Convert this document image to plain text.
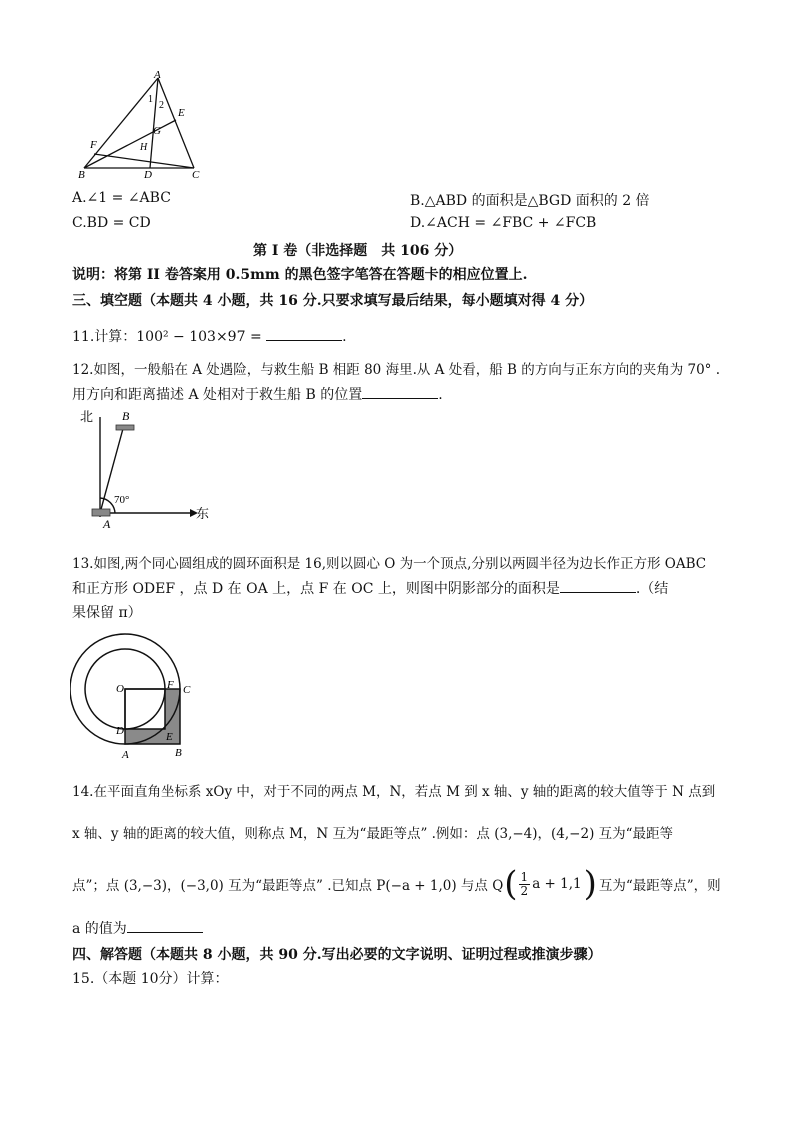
A
E
1
2
G
F	H
B	D	C
A.∠1 = ∠ABC	B.△ABD 的面积是△BGD 面积的 2 倍
C.BD = CD	D.∠ACH = ∠FBC + ∠FCB
第 I 卷（非选择题　共 106 分）
说明：将第 II 卷答案用 0.5mm 的黑色签字笔答在答题卡的相应位置上.
三、填空题（本题共 4 小题，共 16 分.只要求填写最后结果，每小题填对得 4 分）
11.计算：100² − 103×97 =	.
12.如图，一般船在 A 处遇险，与救生船 B 相距 80 海里.从 A 处看，船 B 的方向与正东方向的夹角为 70° .
用方向和距离描述 A 处相对于救生船 B 的位置	.
北
东
70°
B
A
13.如图,两个同心圆组成的圆环面积是 16,则以圆心 O 为一个顶点,分别以两圆半径为边长作正方形 OABC
和正方形 ODEF ，点 D 在 OA 上，点 F 在 OC 上，则图中阴影部分的面积是	.（结
果保留 π）
O	F C
D	E
A	B
14.在平面直角坐标系 xOy 中，对于不同的两点 M，N，若点 M 到 x 轴、y 轴的距离的较大值等于 N 点到
x 轴、y 轴的距离的较大值，则称点 M，N 互为“最距等点” .例如：点 (3,−4)，(4,−2) 互为“最距等
点”；点 (3,−3)，(−3,0) 互为“最距等点” .已知点 P(−a + 1,0) 与点 Q ( $\frac{1}{2}$ a + 1,1 ) 互为“最距等点”，则
a 的值为
四、解答题（本题共 8 小题，共 90 分.写出必要的文字说明、证明过程或推演步骤）
15.（本题 10分）计算：
